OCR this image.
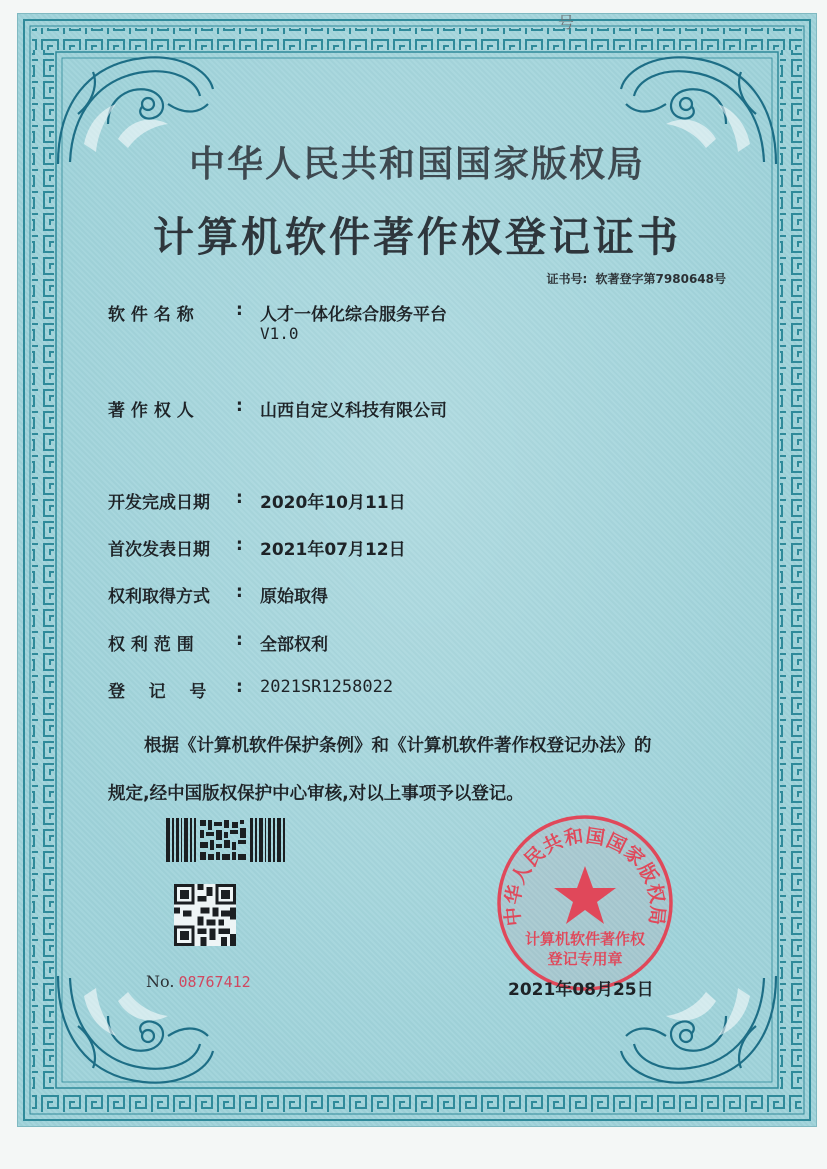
号
中华人民共和国国家版权局
计算机软件著作权登记证书
证书号: 软著登字第7980648号
软 件 名 称	: 人才一体化综合服务平台
V1.0
著 作 权 人	: 山西自定义科技有限公司
开发完成日期	: 2020年10月11日
首次发表日期	: 2021年07月12日
权利取得方式	: 原始取得
权 利 范 围	: 全部权利
登    记    号	: 2021SR1258022
根据《计算机软件保护条例》和《计算机软件著作权登记办法》的
规定,经中国版权保护中心审核,对以上事项予以登记。
No. 08767412
中华人民共和国国家版权局
计算机软件著作权
登记专用章
2021年08月25日
